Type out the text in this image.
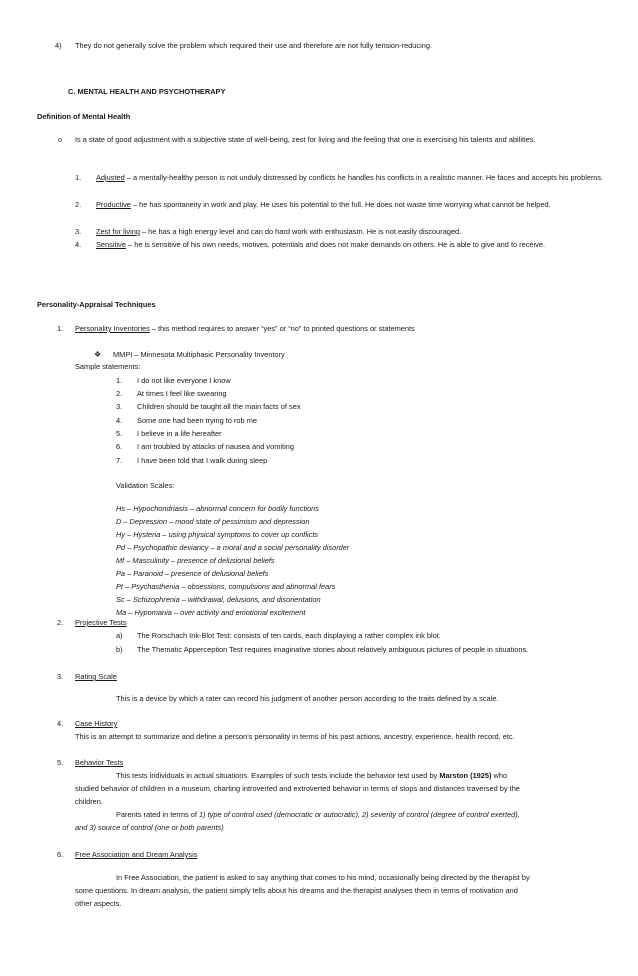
4) They do not generally solve the problem which required their use and therefore are not fully tension-reducing.
C. MENTAL HEALTH AND PSYCHOTHERAPY
Definition of Mental Health
o Is a state of good adjustment with a subjective state of well-being, zest for living and the feeling that one is exercising his talents and abilities.
1. Adjusted – a mentally-healthy person is not unduly distressed by conflicts he handles his conflicts in a realistic manner. He faces and accepts his problems.
2. Productive – he has spontaneity in work and play. He uses his potential to the full. He does not waste time worrying what cannot be helped.
3. Zest for living – he has a high energy level and can do hard work with enthusiasm. He is not easily discouraged.
4. Sensitive – he is sensitive of his own needs, motives, potentials and does not make demands on others. He is able to give and to receive.
Personality-Appraisal Techniques
1. Personality Inventories – this method requires to answer “yes” or “no” to printed questions or statements
❖ MMPI – Minnesota Multiphasic Personality Inventory
Sample statements:
1. I do not like everyone I know
2. At times I feel like swearing
3. Children should be taught all the main facts of sex
4. Some one had been trying to rob me
5. I believe in a life hereafter
6. I am troubled by attacks of nausea and vomiting
7. I have been told that I walk during sleep
Validation Scales:
Hs – Hypochondriasis – abnormal concern for bodily functions
D – Depression – mood state of pessimism and depression
Hy – Hysteria – using physical symptoms to cover up conflicts
Pd – Psychopathic deviancy – a moral and a social personality disorder
Mf – Masculinity – presence of delusional beliefs
Pa – Paranoid – presence of delusional beliefs
Pt – Psychasthenia – obsessions, compulsions and abnormal fears
Sc – Schizophrenia – withdrawal, delusions, and disorientation
Ma – Hypomania – over activity and emotional excitement
2. Projective Tests
a) The Rorschach Ink-Blot Test: consists of ten cards, each displaying a rather complex ink blot.
b) The Thematic Apperception Test requires imaginative stories about relatively ambiguous pictures of people in situations.
3. Rating Scale
This is a device by which a rater can record his judgment of another person according to the traits defined by a scale.
4. Case History
This is an attempt to summarize and define a person’s personality in terms of his past actions, ancestry, experience, health record, etc.
5. Behavior Tests
This tests individuals in actual situations. Examples of such tests include the behavior test used by Marston (1925) who
studied behavior of children in a museum, charting introverted and extroverted behavior in terms of stops and distances traversed by the
children.
Parents rated in terms of 1) type of control used (democratic or autocratic), 2) severity of control (degree of control exerted),
and 3) source of control (one or both parents)
6. Free Association and Dream Analysis
In Free Association, the patient is asked to say anything that comes to his mind, occasionally being directed by the therapist by
some questions. In dream analysis, the patient simply tells about his dreams and the therapist analyses them in terms of motivation and
other aspects.
